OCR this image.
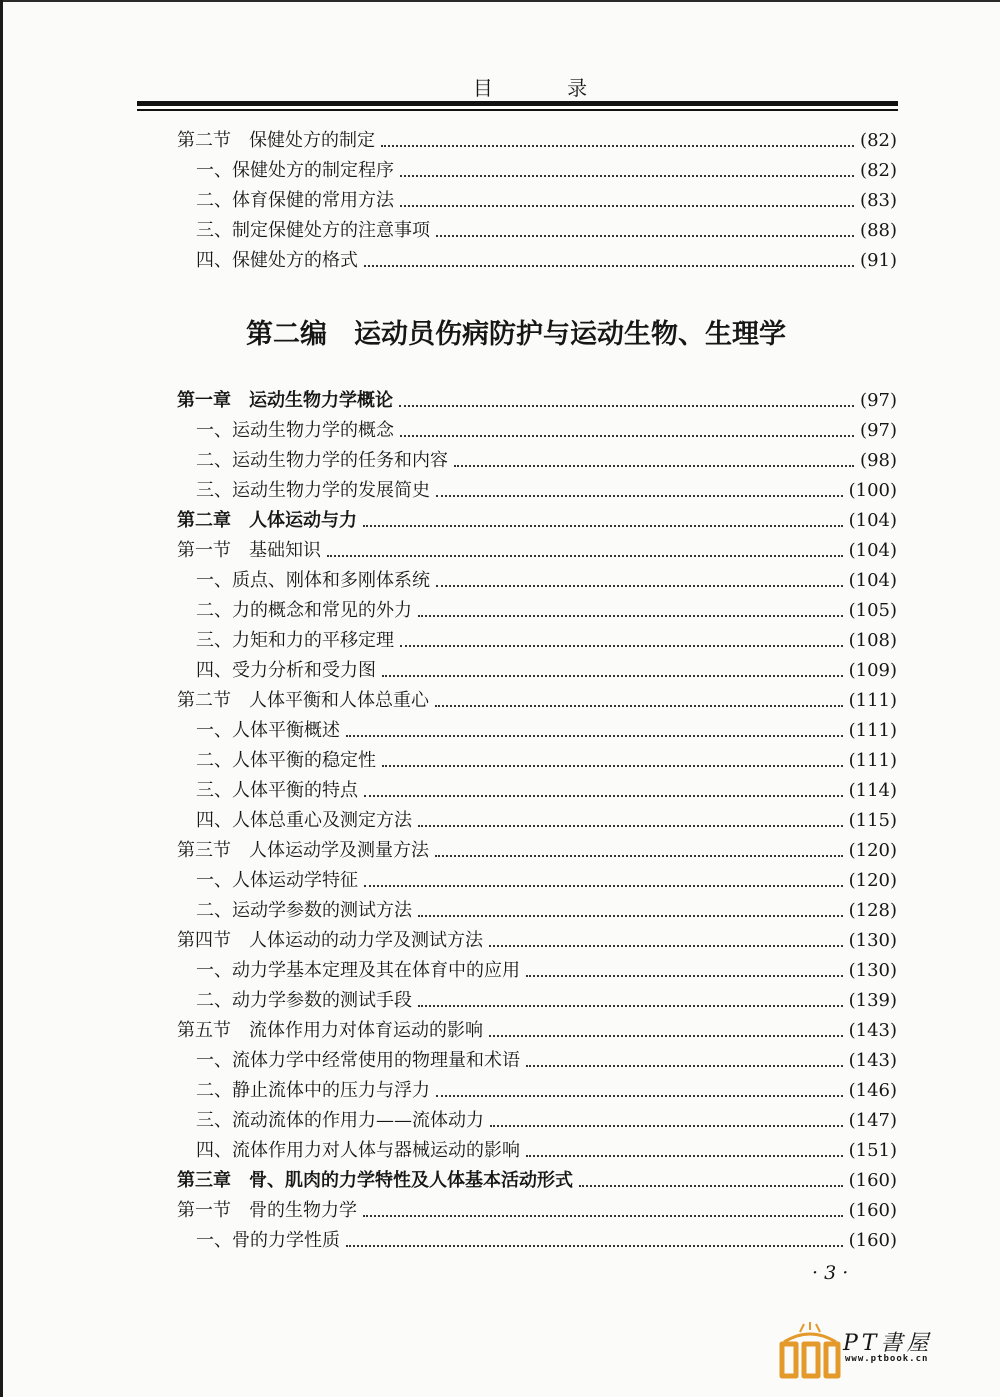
目 录
第二编　运动员伤病防护与运动生物、生理学
第二节　保健处方的制定	(82)
一、保健处方的制定程序	(82)
二、体育保健的常用方法	(83)
三、制定保健处方的注意事项	(88)
四、保健处方的格式	(91)
第一章　运动生物力学概论	(97)
一、运动生物力学的概念	(97)
二、运动生物力学的任务和内容	(98)
三、运动生物力学的发展简史	(100)
第二章　人体运动与力	(104)
第一节　基础知识	(104)
一、质点、刚体和多刚体系统	(104)
二、力的概念和常见的外力	(105)
三、力矩和力的平移定理	(108)
四、受力分析和受力图	(109)
第二节　人体平衡和人体总重心	(111)
一、人体平衡概述	(111)
二、人体平衡的稳定性	(111)
三、人体平衡的特点	(114)
四、人体总重心及测定方法	(115)
第三节　人体运动学及测量方法	(120)
一、人体运动学特征	(120)
二、运动学参数的测试方法	(128)
第四节　人体运动的动力学及测试方法	(130)
一、动力学基本定理及其在体育中的应用	(130)
二、动力学参数的测试手段	(139)
第五节　流体作用力对体育运动的影响	(143)
一、流体力学中经常使用的物理量和术语	(143)
二、静止流体中的压力与浮力	(146)
三、流动流体的作用力——流体动力	(147)
四、流体作用力对人体与器械运动的影响	(151)
第三章　骨、肌肉的力学特性及人体基本活动形式	(160)
第一节　骨的生物力学	(160)
一、骨的力学性质	(160)
· 3 ·
PT書屋
www.ptbook.cn
